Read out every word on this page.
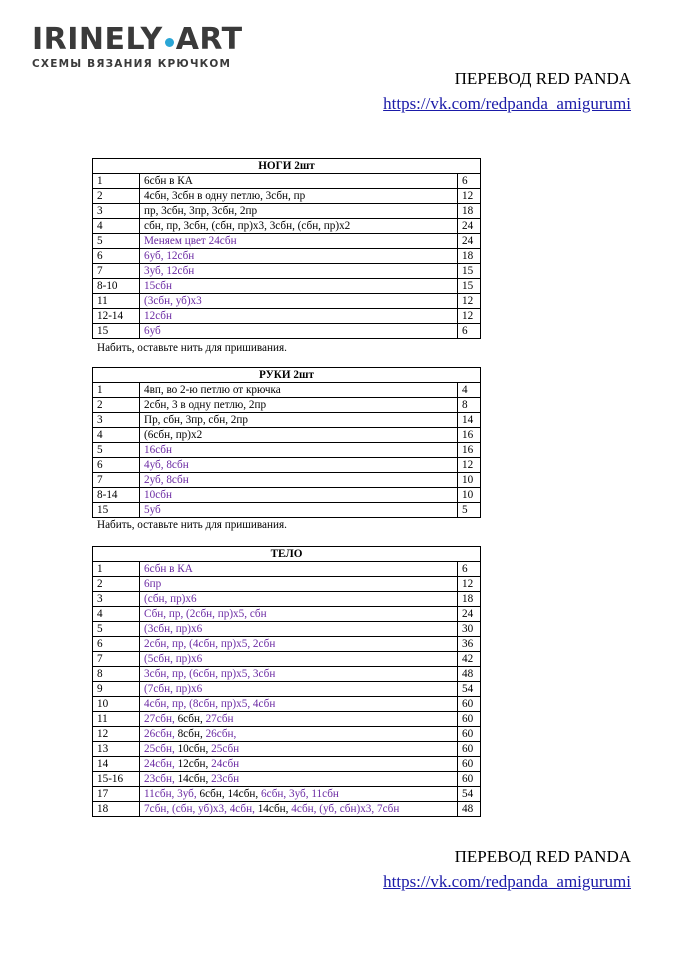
IRINELY ART
СХЕМЫ ВЯЗАНИЯ КРЮЧКОМ
ПЕРЕВОД RED PANDA
https://vk.com/redpanda_amigurumi
НОГИ 2шт		
1	6сбн в КА	6
2	4сбн, 3сбн в одну петлю, 3сбн, пр	12
3	пр, 3сбн, 3пр, 3сбн, 2пр	18
4	сбн, пр, 3сбн, (сбн, пр)х3, 3сбн, (сбн, пр)х2	24
5	Меняем цвет 24сбн	24
6	6уб, 12сбн	18
7	3уб, 12сбн	15
8-10	15сбн	15
11	(3сбн, уб)х3	12
12-14	12сбн	12
15	6уб	6
Набить, оставьте нить для пришивания.
РУКИ 2шт		
1	4вп, во 2-ю петлю от крючка	4
2	2сбн, 3 в одну петлю, 2пр	8
3	Пр, сбн, 3пр, сбн, 2пр	14
4	(6сбн, пр)х2	16
5	16сбн	16
6	4уб, 8сбн	12
7	2уб, 8сбн	10
8-14	10сбн	10
15	5уб	5
Набить, оставьте нить для пришивания.
ТЕЛО		
1	6сбн в КА	6
2	6пр	12
3	(сбн, пр)х6	18
4	Сбн, пр, (2сбн, пр)х5, сбн	24
5	(3сбн, пр)х6	30
6	2сбн, пр, (4сбн, пр)х5, 2сбн	36
7	(5сбн, пр)х6	42
8	3сбн, пр, (6сбн, пр)х5, 3сбн	48
9	(7сбн, пр)х6	54
10	4сбн, пр, (8сбн, пр)х5, 4сбн	60
11	27сбн, 6сбн, 27сбн	60
12	26сбн, 8сбн, 26сбн,	60
13	25сбн, 10сбн, 25сбн	60
14	24сбн, 12сбн, 24сбн	60
15-16	23сбн, 14сбн, 23сбн	60
17	11сбн, 3уб, 6сбн, 14сбн, 6сбн, 3уб, 11сбн	54
18	7сбн, (сбн, уб)х3, 4сбн, 14сбн, 4сбн, (уб, сбн)х3, 7сбн	48
ПЕРЕВОД RED PANDA
https://vk.com/redpanda_amigurumi
